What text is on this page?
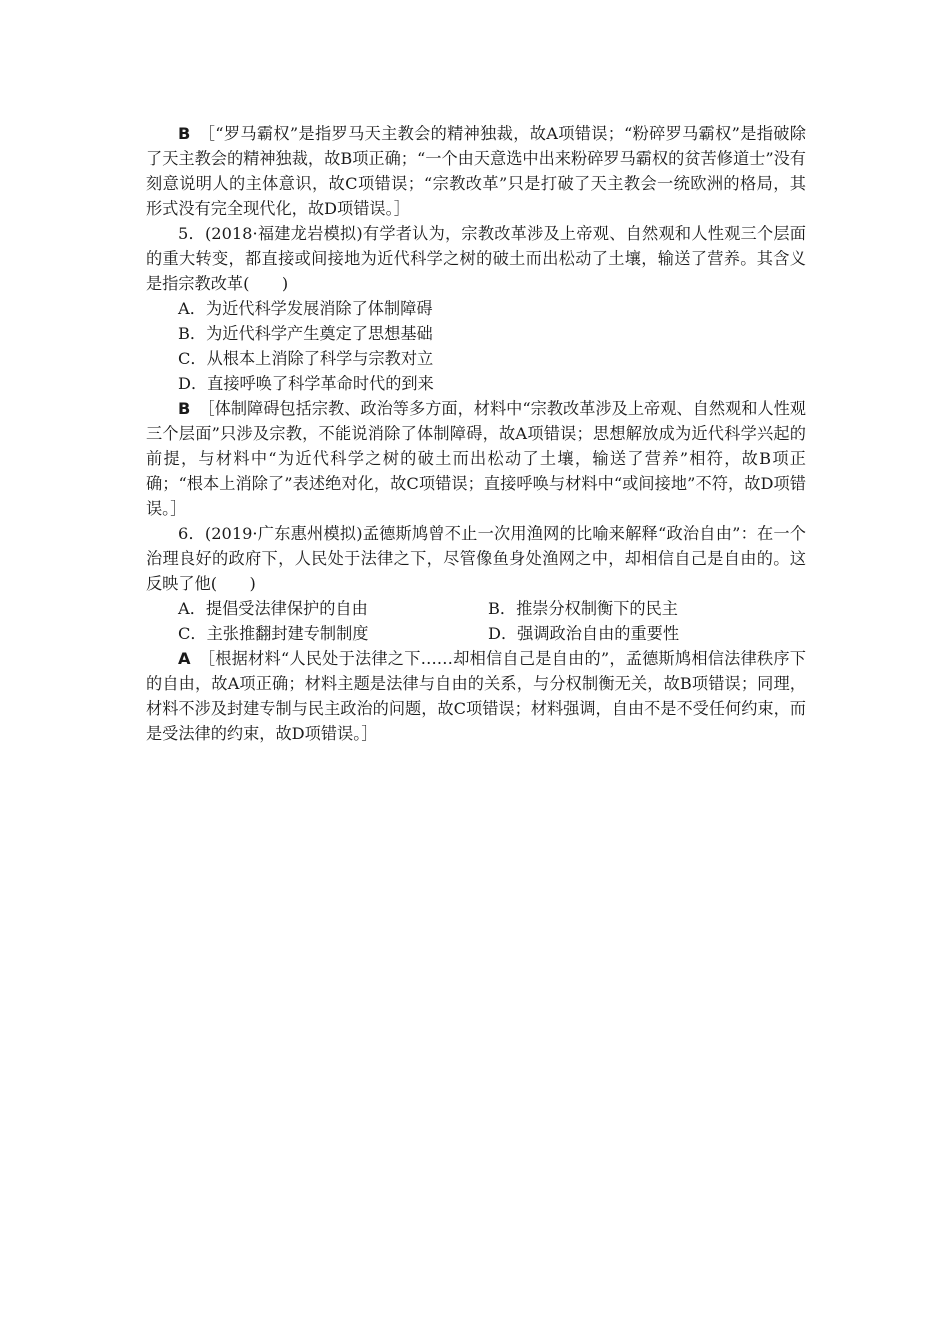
B  ［“罗马霸权”是指罗马天主教会的精神独裁，故A项错误；“粉碎罗马霸权”是指破除了天主教会的精神独裁，故B项正确；“一个由天意选中出来粉碎罗马霸权的贫苦修道士”没有刻意说明人的主体意识，故C项错误；“宗教改革”只是打破了天主教会一统欧洲的格局，其形式没有完全现代化，故D项错误。］

5．(2018·福建龙岩模拟)有学者认为，宗教改革涉及上帝观、自然观和人性观三个层面的重大转变，都直接或间接地为近代科学之树的破土而出松动了土壤，输送了营养。其含义是指宗教改革(　　)

A．为近代科学发展消除了体制障碍

B．为近代科学产生奠定了思想基础

C．从根本上消除了科学与宗教对立

D．直接呼唤了科学革命时代的到来

B  ［体制障碍包括宗教、政治等多方面，材料中“宗教改革涉及上帝观、自然观和人性观三个层面”只涉及宗教，不能说消除了体制障碍，故A项错误；思想解放成为近代科学兴起的前提，与材料中“为近代科学之树的破土而出松动了土壤，输送了营养”相符，故B项正确；“根本上消除了”表述绝对化，故C项错误；直接呼唤与材料中“或间接地”不符，故D项错误。］

6．(2019·广东惠州模拟)孟德斯鸠曾不止一次用渔网的比喻来解释“政治自由”：在一个治理良好的政府下，人民处于法律之下，尽管像鱼身处渔网之中，却相信自己是自由的。这反映了他(　　)

A．提倡受法律保护的自由	B．推崇分权制衡下的民主
C．主张推翻封建专制制度	D．强调政治自由的重要性

A  ［根据材料“人民处于法律之下……却相信自己是自由的”，孟德斯鸠相信法律秩序下的自由，故A项正确；材料主题是法律与自由的关系，与分权制衡无关，故B项错误；同理，材料不涉及封建专制与民主政治的问题，故C项错误；材料强调，自由不是不受任何约束，而是受法律的约束，故D项错误。］
